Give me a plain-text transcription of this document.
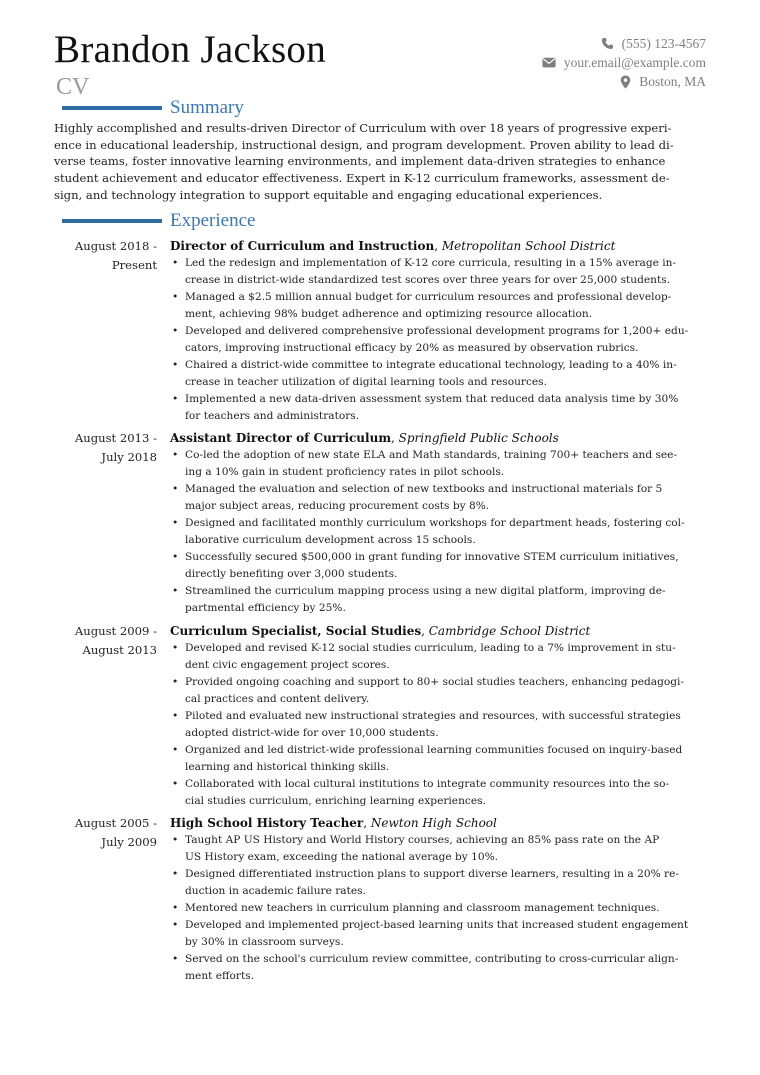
Brandon Jackson
CV
(555) 123-4567
your.email@example.com
Boston, MA
Summary
Highly accomplished and results-driven Director of Curriculum with over 18 years of progressive experi-
ence in educational leadership, instructional design, and program development. Proven ability to lead di-
verse teams, foster innovative learning environments, and implement data-driven strategies to enhance
student achievement and educator effectiveness. Expert in K-12 curriculum frameworks, assessment de-
sign, and technology integration to support equitable and engaging educational experiences.
Experience
August 2018 -
Present
Director of Curriculum and Instruction, Metropolitan School District
• Led the redesign and implementation of K-12 core curricula, resulting in a 15% average in-
crease in district-wide standardized test scores over three years for over 25,000 students.
• Managed a $2.5 million annual budget for curriculum resources and professional develop-
ment, achieving 98% budget adherence and optimizing resource allocation.
• Developed and delivered comprehensive professional development programs for 1,200+ edu-
cators, improving instructional efficacy by 20% as measured by observation rubrics.
• Chaired a district-wide committee to integrate educational technology, leading to a 40% in-
crease in teacher utilization of digital learning tools and resources.
• Implemented a new data-driven assessment system that reduced data analysis time by 30%
for teachers and administrators.
August 2013 -
July 2018
Assistant Director of Curriculum, Springfield Public Schools
• Co-led the adoption of new state ELA and Math standards, training 700+ teachers and see-
ing a 10% gain in student proficiency rates in pilot schools.
• Managed the evaluation and selection of new textbooks and instructional materials for 5
major subject areas, reducing procurement costs by 8%.
• Designed and facilitated monthly curriculum workshops for department heads, fostering col-
laborative curriculum development across 15 schools.
• Successfully secured $500,000 in grant funding for innovative STEM curriculum initiatives,
directly benefiting over 3,000 students.
• Streamlined the curriculum mapping process using a new digital platform, improving de-
partmental efficiency by 25%.
August 2009 -
August 2013
Curriculum Specialist, Social Studies, Cambridge School District
• Developed and revised K-12 social studies curriculum, leading to a 7% improvement in stu-
dent civic engagement project scores.
• Provided ongoing coaching and support to 80+ social studies teachers, enhancing pedagogi-
cal practices and content delivery.
• Piloted and evaluated new instructional strategies and resources, with successful strategies
adopted district-wide for over 10,000 students.
• Organized and led district-wide professional learning communities focused on inquiry-based
learning and historical thinking skills.
• Collaborated with local cultural institutions to integrate community resources into the so-
cial studies curriculum, enriching learning experiences.
August 2005 -
July 2009
High School History Teacher, Newton High School
• Taught AP US History and World History courses, achieving an 85% pass rate on the AP
US History exam, exceeding the national average by 10%.
• Designed differentiated instruction plans to support diverse learners, resulting in a 20% re-
duction in academic failure rates.
• Mentored new teachers in curriculum planning and classroom management techniques.
• Developed and implemented project-based learning units that increased student engagement
by 30% in classroom surveys.
• Served on the school's curriculum review committee, contributing to cross-curricular align-
ment efforts.
